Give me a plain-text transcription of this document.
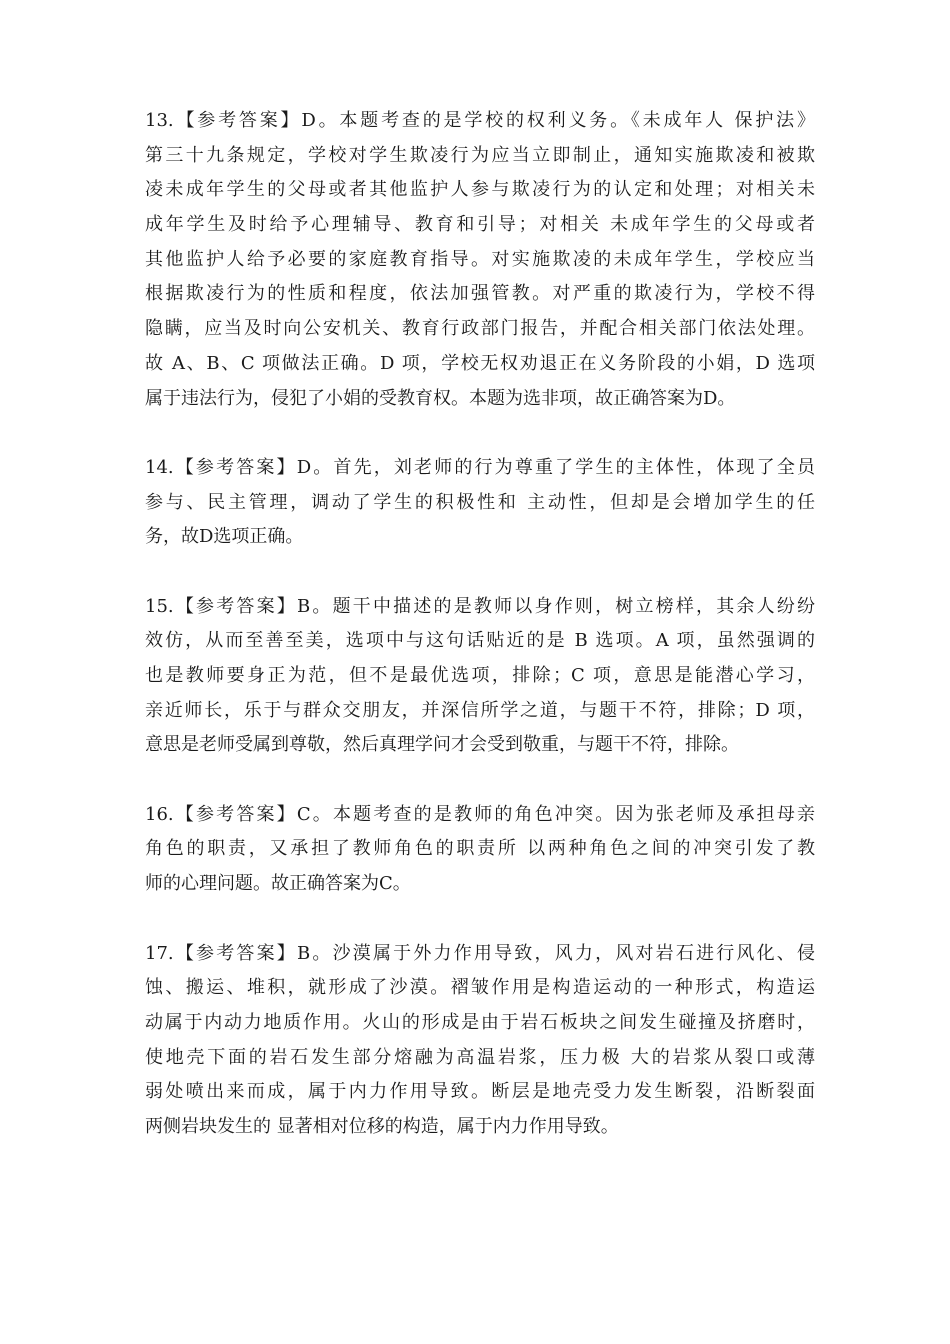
13.【参考答案】D。本题考查的是学校的权利义务。《未成年人 保护法》
第三十九条规定，学校对学生欺凌行为应当立即制止，通知实施欺凌和被欺
凌未成年学生的父母或者其他监护人参与欺凌行为的认定和处理；对相关未
成年学生及时给予心理辅导、教育和引导；对相关 未成年学生的父母或者
其他监护人给予必要的家庭教育指导。对实施欺凌的未成年学生，学校应当
根据欺凌行为的性质和程度，依法加强管教。对严重的欺凌行为，学校不得
隐瞒，应当及时向公安机关、教育行政部门报告，并配合相关部门依法处理。
故 A、B、C 项做法正确。D 项，学校无权劝退正在义务阶段的小娟，D 选项
属于违法行为，侵犯了小娟的受教育权。本题为选非项，故正确答案为D。
14.【参考答案】D。首先，刘老师的行为尊重了学生的主体性，体现了全员
参与、民主管理，调动了学生的积极性和 主动性，但却是会增加学生的任
务，故D选项正确。
15.【参考答案】B。题干中描述的是教师以身作则，树立榜样，其余人纷纷
效仿，从而至善至美，选项中与这句话贴近的是 B 选项。A 项，虽然强调的
也是教师要身正为范，但不是最优选项，排除；C 项，意思是能潜心学习，
亲近师长，乐于与群众交朋友，并深信所学之道，与题干不符，排除；D 项，
意思是老师受属到尊敬，然后真理学问才会受到敬重，与题干不符，排除。
16.【参考答案】C。本题考查的是教师的角色冲突。因为张老师及承担母亲
角色的职责，又承担了教师角色的职责所 以两种角色之间的冲突引发了教
师的心理问题。故正确答案为C。
17.【参考答案】B。沙漠属于外力作用导致，风力，风对岩石进行风化、侵
蚀、搬运、堆积，就形成了沙漠。褶皱作用是构造运动的一种形式，构造运
动属于内动力地质作用。火山的形成是由于岩石板块之间发生碰撞及挤磨时，
使地壳下面的岩石发生部分熔融为高温岩浆，压力极 大的岩浆从裂口或薄
弱处喷出来而成，属于内力作用导致。断层是地壳受力发生断裂，沿断裂面
两侧岩块发生的 显著相对位移的构造，属于内力作用导致。
